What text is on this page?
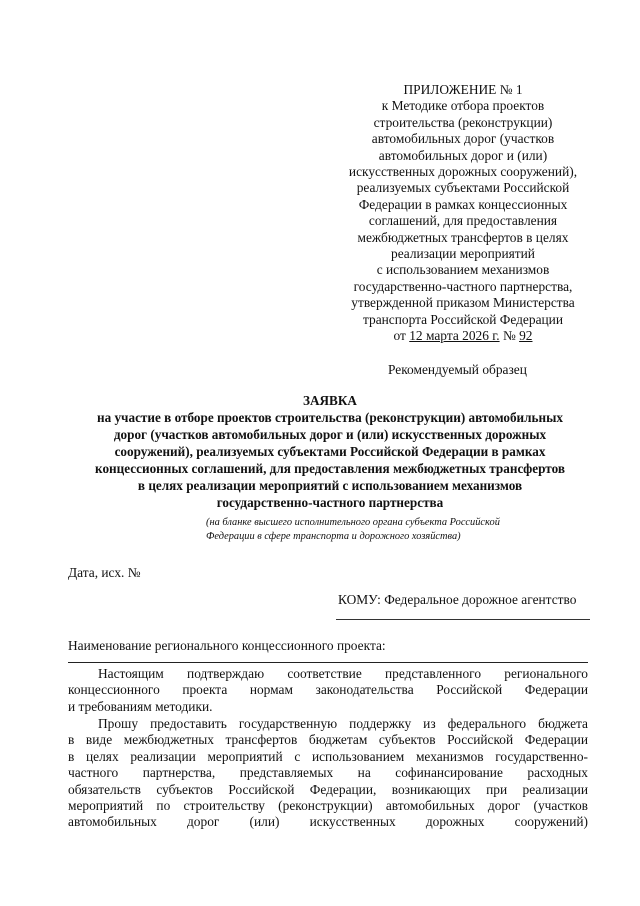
ПРИЛОЖЕНИЕ № 1
к Методике отбора проектов
строительства (реконструкции)
автомобильных дорог (участков
автомобильных дорог и (или)
искусственных дорожных сооружений),
реализуемых субъектами Российской
Федерации в рамках концессионных
соглашений, для предоставления
межбюджетных трансфертов в целях
реализации мероприятий
с использованием механизмов
государственно-частного партнерства,
утвержденной приказом Министерства
транспорта Российской Федерации
от 12 марта 2026 г. № 92
Рекомендуемый образец
ЗАЯВКА
на участие в отборе проектов строительства (реконструкции) автомобильных
дорог (участков автомобильных дорог и (или) искусственных дорожных
сооружений), реализуемых субъектами Российской Федерации в рамках
концессионных соглашений, для предоставления межбюджетных трансфертов
в целях реализации мероприятий с использованием механизмов
государственно-частного партнерства
(на бланке высшего исполнительного органа субъекта Российской
Федерации в сфере транспорта и дорожного хозяйства)
Дата, исх. №
КОМУ: Федеральное дорожное агентство
Наименование регионального концессионного проекта:
Настоящим подтверждаю соответствие представленного регионального
концессионного проекта нормам законодательства Российской Федерации
и требованиям методики.
Прошу предоставить государственную поддержку из федерального бюджета
в виде межбюджетных трансфертов бюджетам субъектов Российской Федерации
в целях реализации мероприятий с использованием механизмов государственно-
частного партнерства, представляемых на софинансирование расходных
обязательств субъектов Российской Федерации, возникающих при реализации
мероприятий по строительству (реконструкции) автомобильных дорог (участков
автомобильных дорог (или) искусственных дорожных сооружений)
